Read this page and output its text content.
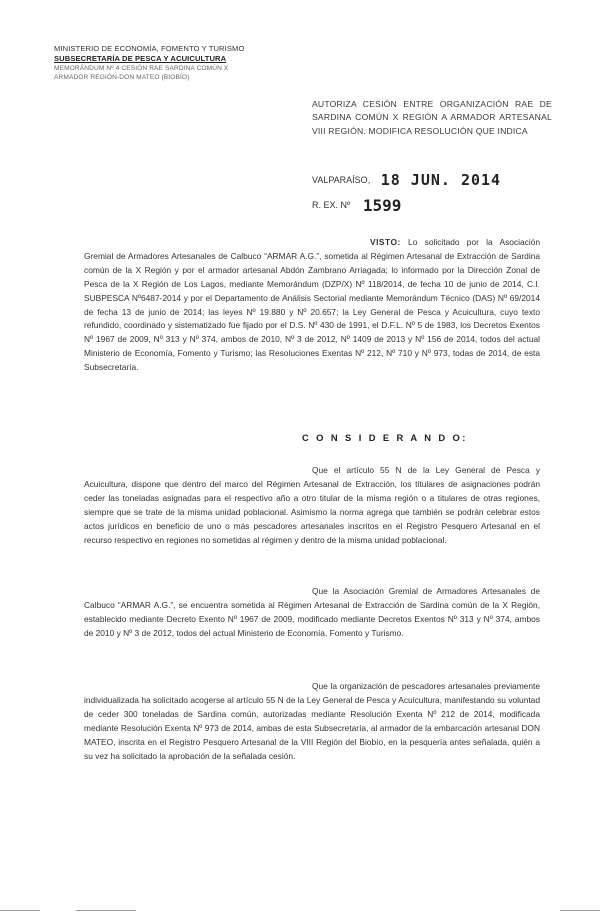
MINISTERIO DE ECONOMÍA, FOMENTO Y TURISMO
SUBSECRETARÍA DE PESCA Y ACUICULTURA
MEMORÁNDUM Nº 4 CESIÓN RAE SARDINA COMÚN X
ARMADOR REGIÓN-DON MATEO (BIOBÍO)
AUTORIZA CESIÓN ENTRE ORGANIZACIÓN RAE DE SARDINA COMÚN X REGIÓN A ARMADOR ARTESANAL VIII REGIÓN. MODIFICA RESOLUCIÓN QUE INDICA
VALPARAÍSO, 18 JUN. 2014
R. EX. Nº 1599
VISTO: Lo solicitado por la Asociación Gremial de Armadores Artesanales de Calbuco “ARMAR A.G.”, sometida al Régimen Artesanal de Extracción de Sardina común de la X Región y por el armador artesanal Abdón Zambrano Arriagada; lo informado por la Dirección Zonal de Pesca de la X Región de Los Lagos, mediante Memorándum (DZP/X) Nº 118/2014, de fecha 10 de junio de 2014, C.I. SUBPESCA Nº6487-2014 y por el Departamento de Análisis Sectorial mediante Memorándum Técnico (DAS) Nº 69/2014 de fecha 13 de junio de 2014; las leyes Nº 19.880 y Nº 20.657; la Ley General de Pesca y Acuicultura, cuyo texto refundido, coordinado y sistematizado fue fijado por el D.S. Nº 430 de 1991, el D.F.L. Nº 5 de 1983, los Decretos Exentos Nº 1967 de 2009, Nº 313 y Nº 374, ambos de 2010, Nº 3 de 2012, Nº 1409 de 2013 y Nº 156 de 2014, todos del actual Ministerio de Economía, Fomento y Turismo; las Resoluciones Exentas Nº 212, Nº 710 y Nº 973, todas de 2014, de esta Subsecretaría.
C O N S I D E R A N D O:
Que el artículo 55 N de la Ley General de Pesca y Acuicultura, dispone que dentro del marco del Régimen Artesanal de Extracción, los titulares de asignaciones podrán ceder las toneladas asignadas para el respectivo año a otro titular de la misma región o a titulares de otras regiones, siempre que se trate de la misma unidad poblacional. Asimismo la norma agrega que también se podrán celebrar estos actos jurídicos en beneficio de uno o más pescadores artesanales inscritos en el Registro Pesquero Artesanal en el recurso respectivo en regiones no sometidas al régimen y dentro de la misma unidad poblacional.
Que la Asociación Gremial de Armadores Artesanales de Calbuco “ARMAR A.G.”, se encuentra sometida al Régimen Artesanal de Extracción de Sardina común de la X Región, establecido mediante Decreto Exento Nº 1967 de 2009, modificado mediante Decretos Exentos Nº 313 y Nº 374, ambos de 2010 y Nº 3 de 2012, todos del actual Ministerio de Economía, Fomento y Turismo.
Que la organización de pescadores artesanales previamente individualizada ha solicitado acogerse al artículo 55 N de la Ley General de Pesca y Acuicultura, manifestando su voluntad de ceder 300 toneladas de Sardina común, autorizadas mediante Resolución Exenta Nº 212 de 2014, modificada mediante Resolución Exenta Nº 973 de 2014, ambas de esta Subsecretaría, al armador de la embarcación artesanal DON MATEO, inscrita en el Registro Pesquero Artesanal de la VIII Región del Biobío, en la pesquería antes señalada, quién a su vez ha solicitado la aprobación de la señalada cesión.
